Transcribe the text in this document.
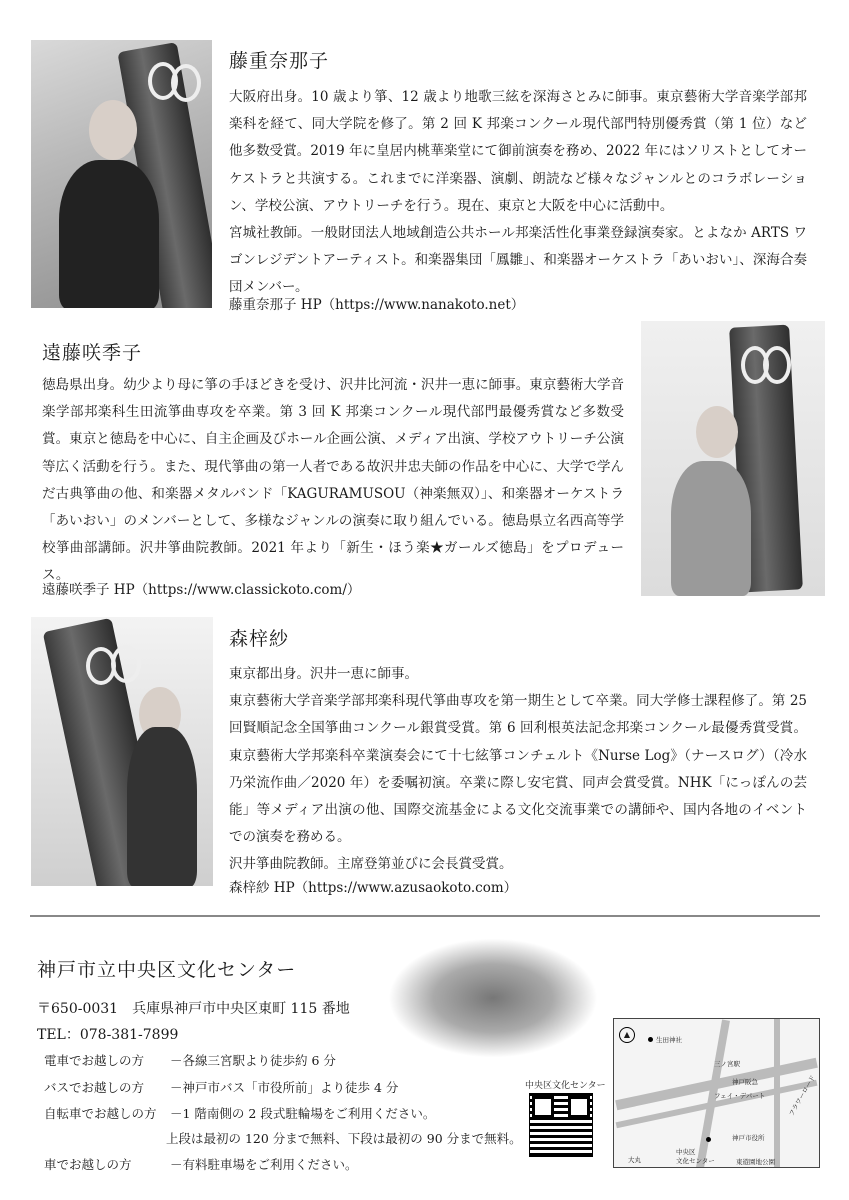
藤重奈那子

大阪府出身。10 歳より箏、12 歳より地歌三絃を深海さとみに師事。東京藝術大学音楽学部邦楽科を経て、同大学院を修了。第 2 回 K 邦楽コンクール現代部門特別優秀賞（第 1 位）など他多数受賞。2019 年に皇居内桃華楽堂にて御前演奏を務め、2022 年にはソリストとしてオーケストラと共演する。これまでに洋楽器、演劇、朗読など様々なジャンルとのコラボレーション、学校公演、アウトリーチを行う。現在、東京と大阪を中心に活動中。

宮城社教師。一般財団法人地域創造公共ホール邦楽活性化事業登録演奏家。とよなか ARTS ワゴンレジデントアーティスト。和楽器集団「鳳雛」、和楽器オーケストラ「あいおい」、深海合奏団メンバー。

藤重奈那子 HP（https://www.nanakoto.net）
遠藤咲季子

徳島県出身。幼少より母に箏の手ほどきを受け、沢井比河流・沢井一恵に師事。東京藝術大学音楽学部邦楽科生田流箏曲専攻を卒業。第 3 回 K 邦楽コンクール現代部門最優秀賞など多数受賞。東京と徳島を中心に、自主企画及びホール企画公演、メディア出演、学校アウトリーチ公演等広く活動を行う。また、現代箏曲の第一人者である故沢井忠夫師の作品を中心に、大学で学んだ古典箏曲の他、和楽器メタルバンド「KAGURAMUSOU（神楽無双）」、和楽器オーケストラ「あいおい」のメンバーとして、多様なジャンルの演奏に取り組んでいる。徳島県立名西高等学校箏曲部講師。沢井箏曲院教師。2021 年より「新生・ほう楽★ガールズ徳島」をプロデュース。

遠藤咲季子 HP（https://www.classickoto.com/）
森梓紗

東京都出身。沢井一恵に師事。

東京藝術大学音楽学部邦楽科現代箏曲専攻を第一期生として卒業。同大学修士課程修了。第 25 回賢順記念全国箏曲コンクール銀賞受賞。第 6 回利根英法記念邦楽コンクール最優秀賞受賞。東京藝術大学邦楽科卒業演奏会にて十七絃箏コンチェルト《Nurse Log》（ナースログ）（冷水乃栄流作曲／2020 年）を委嘱初演。卒業に際し安宅賞、同声会賞受賞。NHK「にっぽんの芸能」等メディア出演の他、国際交流基金による文化交流事業での講師や、国内各地のイベントでの演奏を務める。

沢井箏曲院教師。主席登第並びに会長賞受賞。

森梓紗 HP（https://www.azusaokoto.com）
神戸市立中央区文化センター
〒650-0031　兵庫県神戸市中央区東町 115 番地
TEL：078-381-7899
電車でお越しの方 －各線三宮駅より徒歩約 6 分
バスでお越しの方 －神戸市バス「市役所前」より徒歩 4 分
自転車でお越しの方 －1 階南側の 2 段式駐輪場をご利用ください。
上段は最初の 120 分まで無料、下段は最初の 90 分まで無料。
車でお越しの方	－有料駐車場をご利用ください。
中央区文化センター
▲
生田神社
三ノ宮駅
神戸阪急
フェイ・デパート	フラワーロード
神戸市役所
中央区
文化センター
大丸	東遊園地公園
